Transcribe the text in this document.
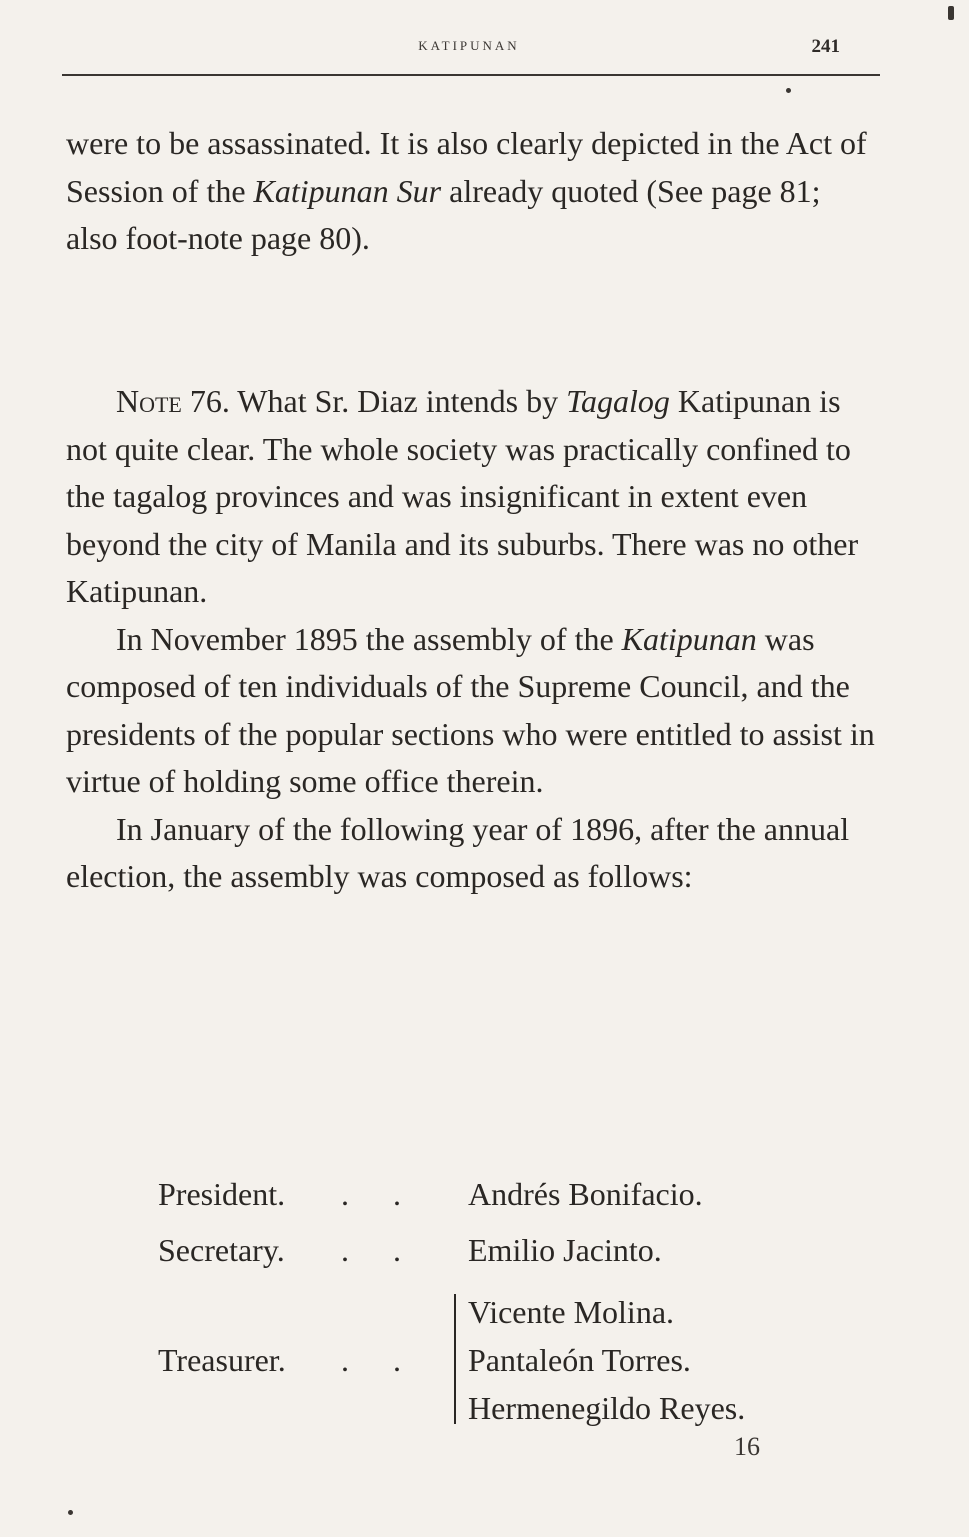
KATIPUNAN	241

were to be assassinated. It is also clearly depicted in the Act of Session of the Katipunan Sur already quoted (See page 81; also foot-note page 80).

Note 76. What Sr. Diaz intends by Tagalog Katipunan is not quite clear. The whole society was practically confined to the tagalog provinces and was insignificant in extent even beyond the city of Manila and its suburbs. There was no other Katipunan.

In November 1895 the assembly of the Katipunan was composed of ten individuals of the Supreme Council, and the presidents of the popular sections who were entitled to assist in virtue of holding some office therein.

In January of the following year of 1896, after the annual election, the assembly was composed as follows:

President. . . Andrés Bonifacio.
Secretary. . . Emilio Jacinto.
Vicente Molina.
Treasurer. . . Pantaleón Torres.
Hermenegildo Reyes.
16
